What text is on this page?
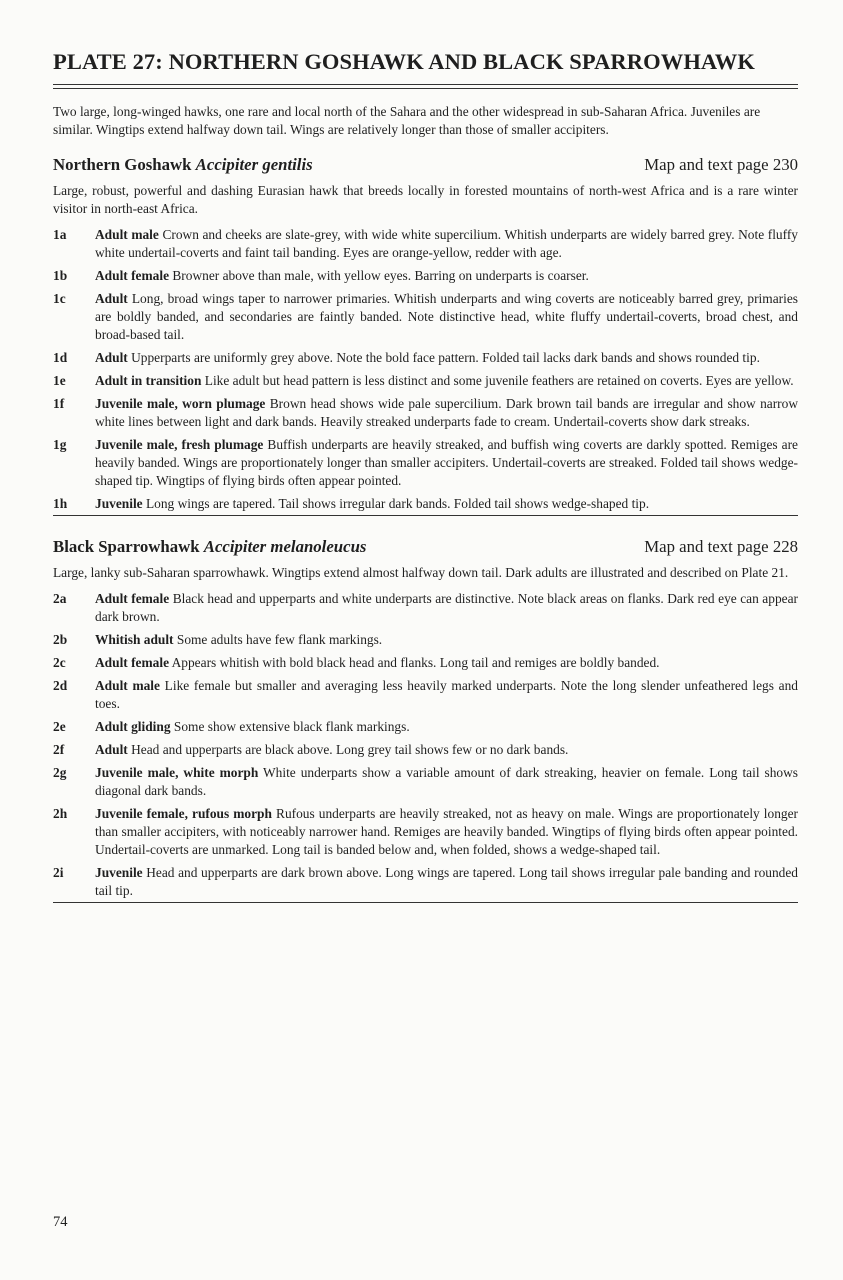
PLATE 27: NORTHERN GOSHAWK AND BLACK SPARROWHAWK

Two large, long-winged hawks, one rare and local north of the Sahara and the other widespread in sub-Saharan Africa. Juveniles are similar. Wingtips extend halfway down tail. Wings are relatively longer than those of smaller accipiters.

Northern Goshawk Accipiter gentilis	Map and text page 230

Large, robust, powerful and dashing Eurasian hawk that breeds locally in forested mountains of north-west Africa and is a rare winter visitor in north-east Africa.

1a	Adult male Crown and cheeks are slate-grey, with wide white supercilium. Whitish underparts are widely barred grey. Note fluffy white undertail-coverts and faint tail banding. Eyes are orange-yellow, redder with age.
1b	Adult female Browner above than male, with yellow eyes. Barring on underparts is coarser.
1c	Adult Long, broad wings taper to narrower primaries. Whitish underparts and wing coverts are noticeably barred grey, primaries are boldly banded, and secondaries are faintly banded. Note distinctive head, white fluffy undertail-coverts, broad chest, and broad-based tail.
1d	Adult Upperparts are uniformly grey above. Note the bold face pattern. Folded tail lacks dark bands and shows rounded tip.
1e	Adult in transition Like adult but head pattern is less distinct and some juvenile feathers are retained on coverts. Eyes are yellow.
1f	Juvenile male, worn plumage Brown head shows wide pale supercilium. Dark brown tail bands are irregular and show narrow white lines between light and dark bands. Heavily streaked underparts fade to cream. Undertail-coverts show dark streaks.
1g	Juvenile male, fresh plumage Buffish underparts are heavily streaked, and buffish wing coverts are darkly spotted. Remiges are heavily banded. Wings are proportionately longer than smaller accipiters. Undertail-coverts are streaked. Folded tail shows wedge-shaped tip. Wingtips of flying birds often appear pointed.
1h	Juvenile Long wings are tapered. Tail shows irregular dark bands. Folded tail shows wedge-shaped tip.
Black Sparrowhawk Accipiter melanoleucus	Map and text page 228

Large, lanky sub-Saharan sparrowhawk. Wingtips extend almost halfway down tail. Dark adults are illustrated and described on Plate 21.

2a	Adult female Black head and upperparts and white underparts are distinctive. Note black areas on flanks. Dark red eye can appear dark brown.
2b	Whitish adult Some adults have few flank markings.
2c	Adult female Appears whitish with bold black head and flanks. Long tail and remiges are boldly banded.
2d	Adult male Like female but smaller and averaging less heavily marked underparts. Note the long slender unfeathered legs and toes.
2e	Adult gliding Some show extensive black flank markings.
2f	Adult Head and upperparts are black above. Long grey tail shows few or no dark bands.
2g	Juvenile male, white morph White underparts show a variable amount of dark streaking, heavier on female. Long tail shows diagonal dark bands.
2h	Juvenile female, rufous morph Rufous underparts are heavily streaked, not as heavy on male. Wings are proportionately longer than smaller accipiters, with noticeably narrower hand. Remiges are heavily banded. Wingtips of flying birds often appear pointed. Undertail-coverts are unmarked. Long tail is banded below and, when folded, shows a wedge-shaped tail.
2i	Juvenile Head and upperparts are dark brown above. Long wings are tapered. Long tail shows irregular pale banding and rounded tail tip.
74
